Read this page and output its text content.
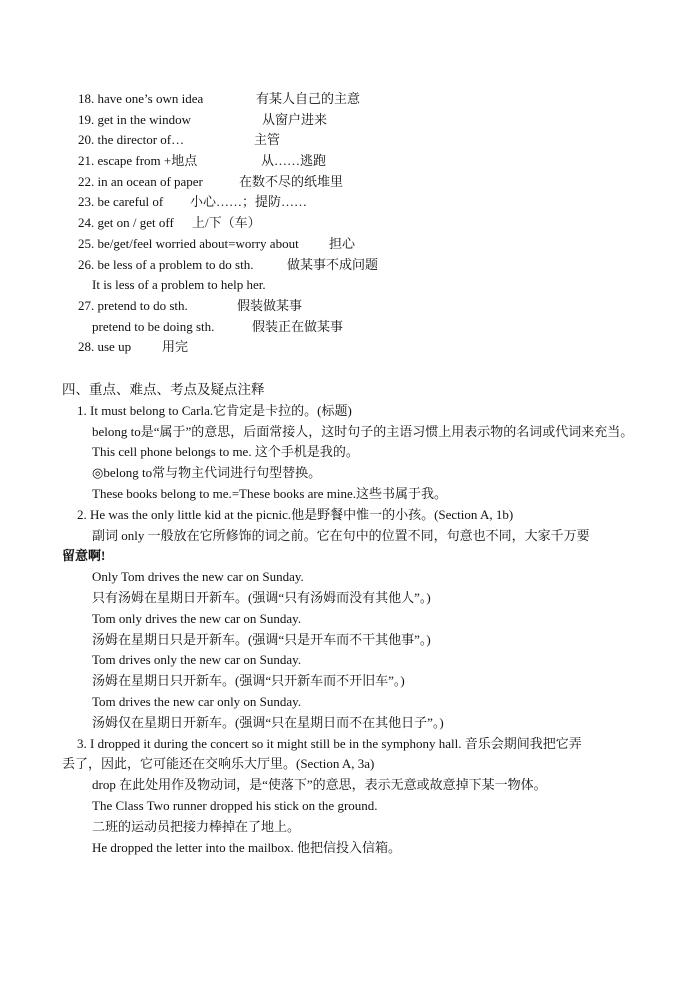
18. have one’s own idea	有某人自己的主意
19. get in the window	从窗户进来
20. the director of…	主管
21. escape from +地点	从……逃跑
22. in an ocean of paper	在数不尽的纸堆里
23. be careful of 小心……；提防……
24. get on / get off 上/下（车）
25. be/get/feel worried about=worry about 担心
26. be less of a problem to do sth.	做某事不成问题
It is less of a problem to help her.
27. pretend to do sth.	假装做某事
pretend to be doing sth.	假装正在做某事
28. use up 用完
四、重点、难点、考点及疑点注释
1. It must belong to Carla.它肯定是卡拉的。(标题)
belong to是“属于”的意思，后面常接人，这时句子的主语习惯上用表示物的名词或代词来充当。
This cell phone belongs to me. 这个手机是我的。
◎belong to常与物主代词进行句型替换。
These books belong to me.=These books are mine.这些书属于我。
2. He was the only little kid at the picnic.他是野餐中惟一的小孩。(Section A, 1b)
副词 only 一般放在它所修饰的词之前。它在句中的位置不同，句意也不同，大家千万要
留意啊!
Only Tom drives the new car on Sunday.
只有汤姆在星期日开新车。(强调“只有汤姆而没有其他人”。)
Tom only drives the new car on Sunday.
汤姆在星期日只是开新车。(强调“只是开车而不干其他事”。)
Tom drives only the new car on Sunday.
汤姆在星期日只开新车。(强调“只开新车而不开旧车”。)
Tom drives the new car only on Sunday.
汤姆仅在星期日开新车。(强调“只在星期日而不在其他日子”。)
3. I dropped it during the concert so it might still be in the symphony hall. 音乐会期间我把它弄
丢了，因此，它可能还在交响乐大厅里。(Section A, 3a)
drop 在此处用作及物动词，是“使落下”的意思，表示无意或故意掉下某一物体。
The Class Two runner dropped his stick on the ground.
二班的运动员把接力棒掉在了地上。
He dropped the letter into the mailbox. 他把信投入信箱。
